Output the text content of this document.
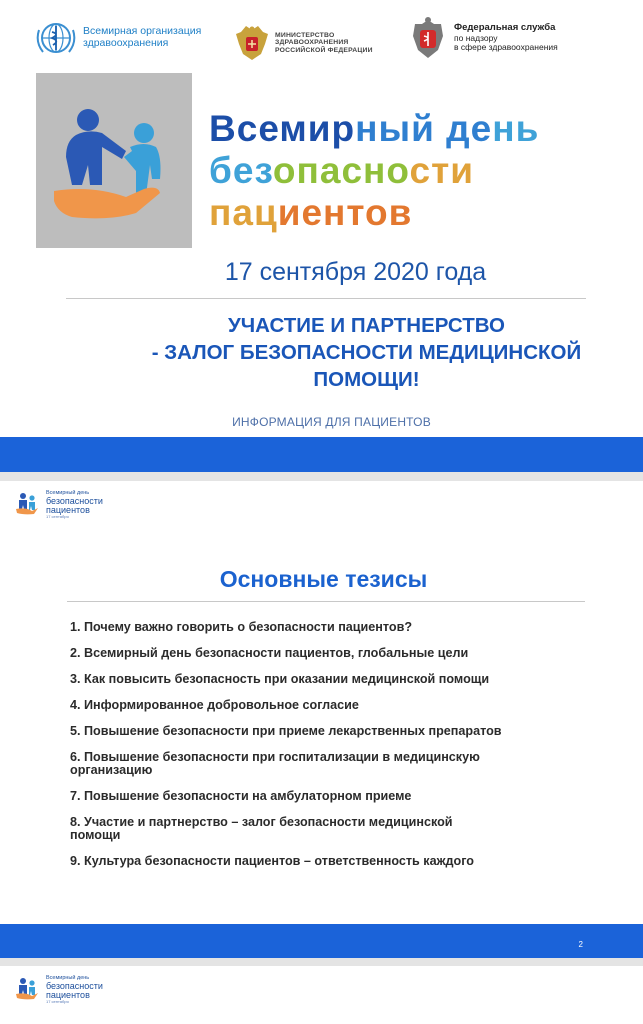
Всемирная организация
здравоохранения
МИНИСТЕРСТВО
ЗДРАВООХРАНЕНИЯ
РОССИЙСКОЙ ФЕДЕРАЦИИ
Федеральная служба
по надзору
в сфере здравоохранения
Всемирный день
безопасности
пациентов
17 сентября 2020 года
УЧАСТИЕ И ПАРТНЕРСТВО
- ЗАЛОГ БЕЗОПАСНОСТИ МЕДИЦИНСКОЙ
ПОМОЩИ!
ИНФОРМАЦИЯ ДЛЯ ПАЦИЕНТОВ
Всемирный день
безопасности
пациентов
17 сентября
Основные тезисы
1. Почему важно говорить о безопасности пациентов?
2. Всемирный день безопасности пациентов, глобальные цели
3. Как повысить безопасность при оказании медицинской помощи
4. Информированное добровольное согласие
5. Повышение безопасности при приеме лекарственных препаратов
6. Повышение безопасности при госпитализации в медицинскую
организацию
7. Повышение безопасности на амбулаторном приеме
8. Участие и партнерство – залог безопасности медицинской
помощи
9. Культура безопасности пациентов – ответственность каждого
2
Всемирный день
безопасности
пациентов
17 сентября
